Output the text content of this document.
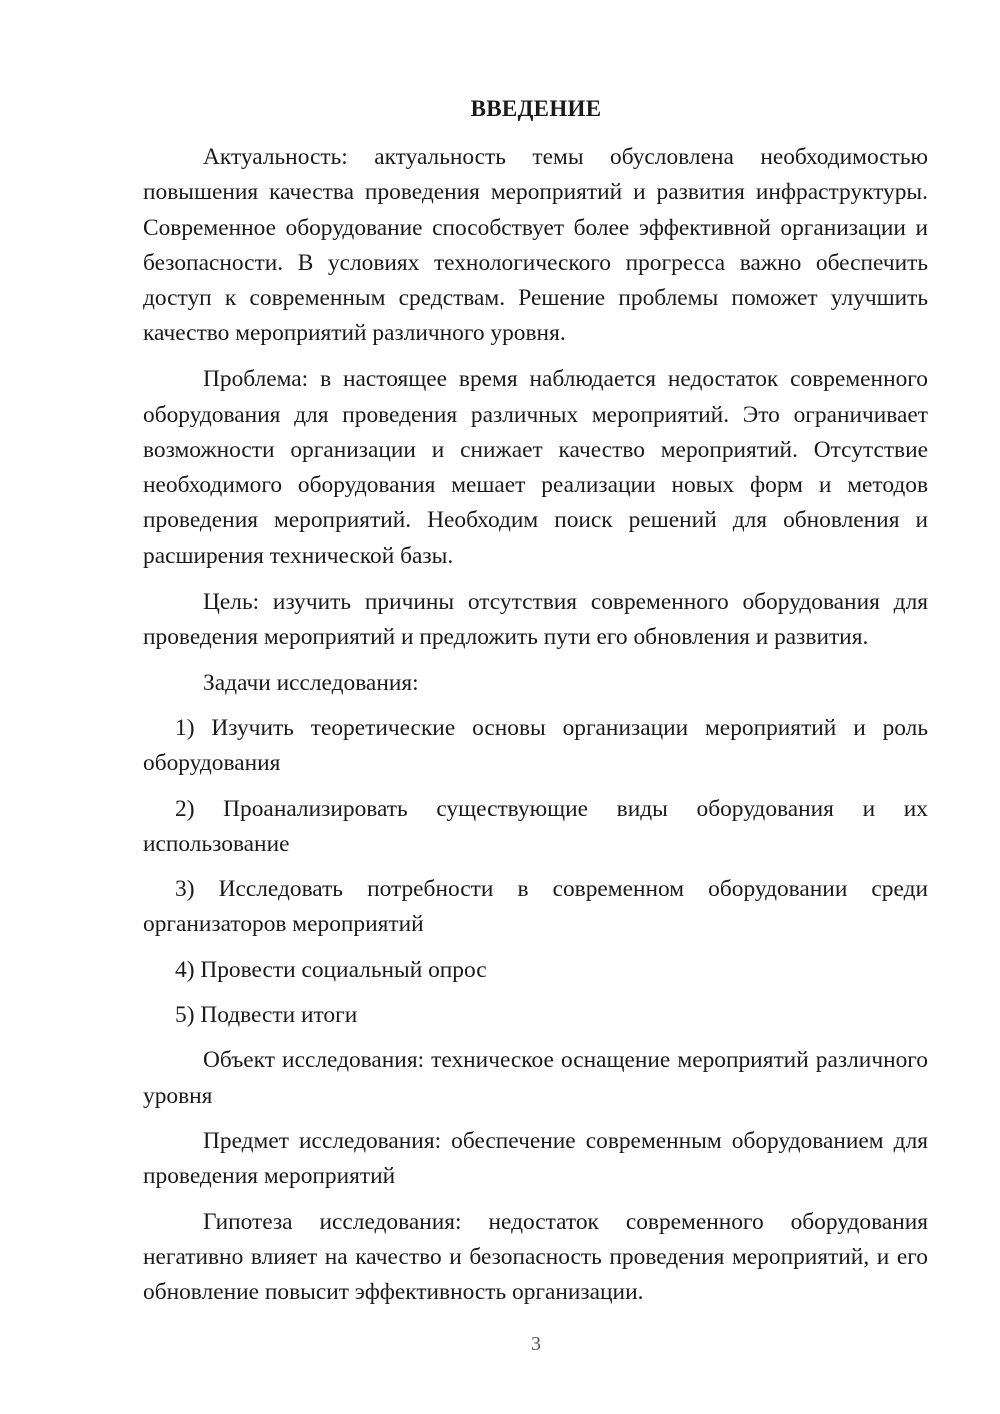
ВВЕДЕНИЕ

Актуальность: актуальность темы обусловлена необходимостью повышения качества проведения мероприятий и развития инфраструктуры. Современное оборудование способствует более эффективной организации и безопасности. В условиях технологического прогресса важно обеспечить доступ к современным средствам. Решение проблемы поможет улучшить качество мероприятий различного уровня.

Проблема: в настоящее время наблюдается недостаток современного оборудования для проведения различных мероприятий. Это ограничивает возможности организации и снижает качество мероприятий. Отсутствие необходимого оборудования мешает реализации новых форм и методов проведения мероприятий. Необходим поиск решений для обновления и расширения технической базы.

Цель: изучить причины отсутствия современного оборудования для проведения мероприятий и предложить пути его обновления и развития.

Задачи исследования:

1) Изучить теоретические основы организации мероприятий и роль оборудования

2) Проанализировать существующие виды оборудования и их использование

3) Исследовать потребности в современном оборудовании среди организаторов мероприятий

4) Провести социальный опрос

5) Подвести итоги

Объект исследования: техническое оснащение мероприятий различного уровня

Предмет исследования: обеспечение современным оборудованием для проведения мероприятий

Гипотеза исследования: недостаток современного оборудования негативно влияет на качество и безопасность проведения мероприятий, и его обновление повысит эффективность организации.

3
